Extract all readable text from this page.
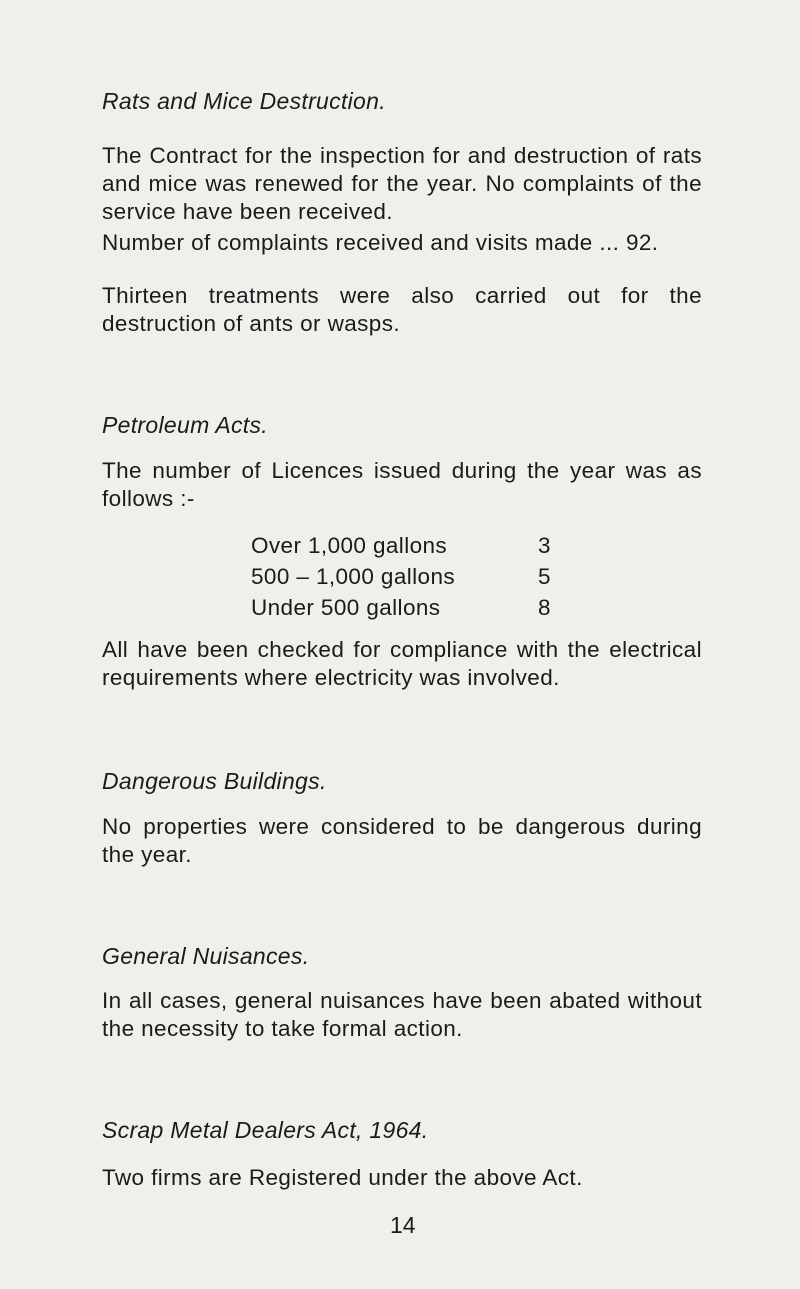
Rats and Mice Destruction.

The Contract for the inspection for and destruction of rats and mice was renewed for the year. No complaints of the service have been received.

Number of complaints received and visits made ... 92.

Thirteen treatments were also carried out for the destruction of ants or wasps.

Petroleum Acts.

The number of Licences issued during the year was as follows :-

Over 1,000 gallons	3
500 – 1,000 gallons	5
Under 500 gallons	8

All have been checked for compliance with the electrical requirements where electricity was involved.

Dangerous Buildings.

No properties were considered to be dangerous during the year.

General Nuisances.

In all cases, general nuisances have been abated without the necessity to take formal action.

Scrap Metal Dealers Act, 1964.

Two firms are Registered under the above Act.

14
